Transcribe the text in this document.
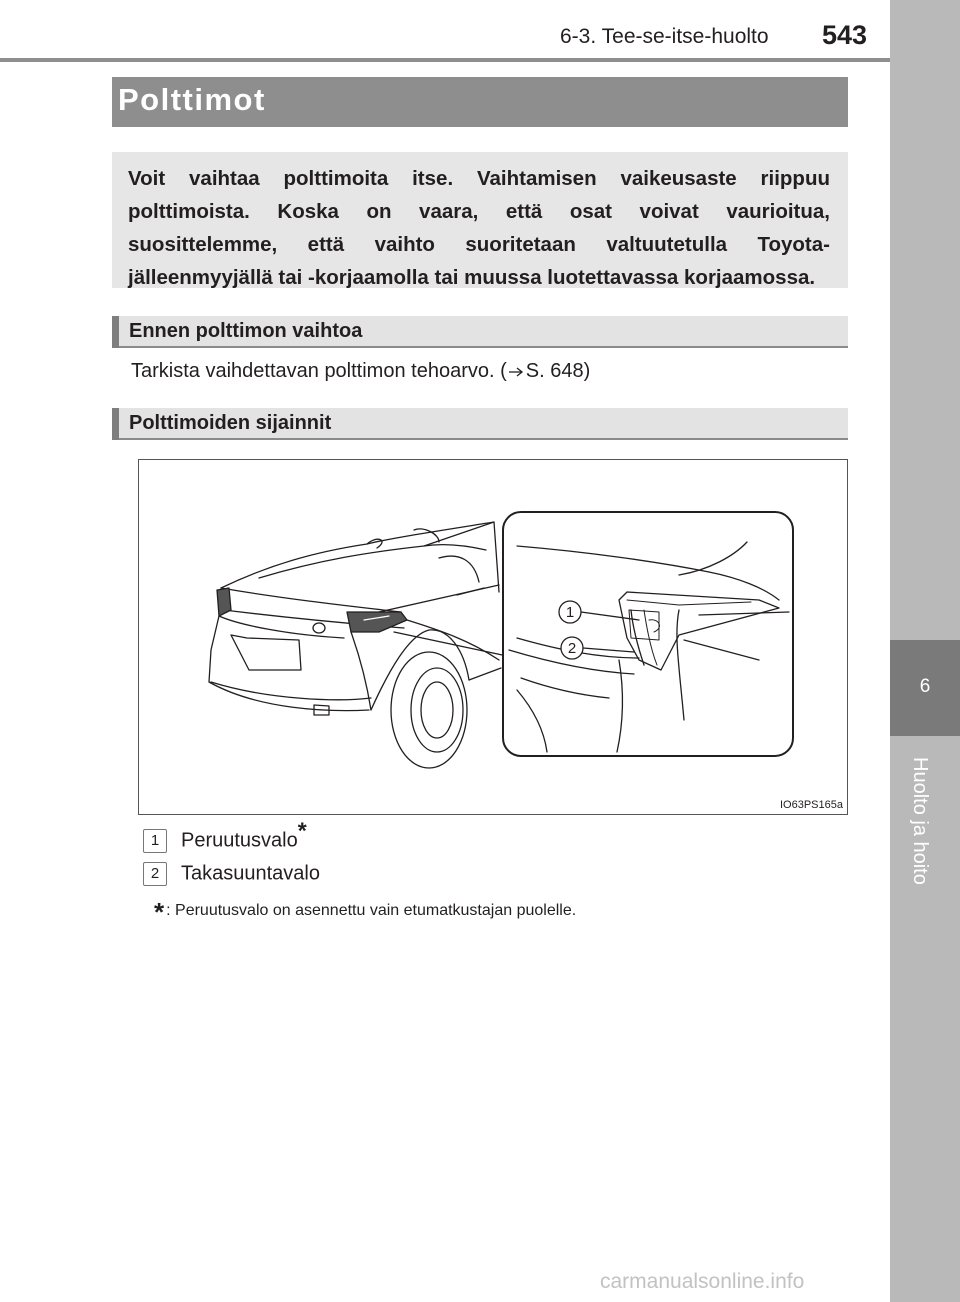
6-3. Tee-se-itse-huolto 543
6
Huolto ja hoito
Polttimot
Voit vaihtaa polttimoita itse. Vaihtamisen vaikeusaste riippuu polttimoista. Koska on vaara, että osat voivat vaurioitua, suosittelemme, että vaihto suoritetaan valtuutetulla Toyota-jälleenmyyjällä tai -korjaamolla tai muussa luotettavassa korjaamossa.
Ennen polttimon vaihtoa
Tarkista vaihdettavan polttimon tehoarvo. ( S. 648)
Polttimoiden sijainnit
1
2
IO63PS165a
1 Peruutusvalo*
2 Takasuuntavalo
* : Peruutusvalo on asennettu vain etumatkustajan puolelle.
carmanualsonline.info
